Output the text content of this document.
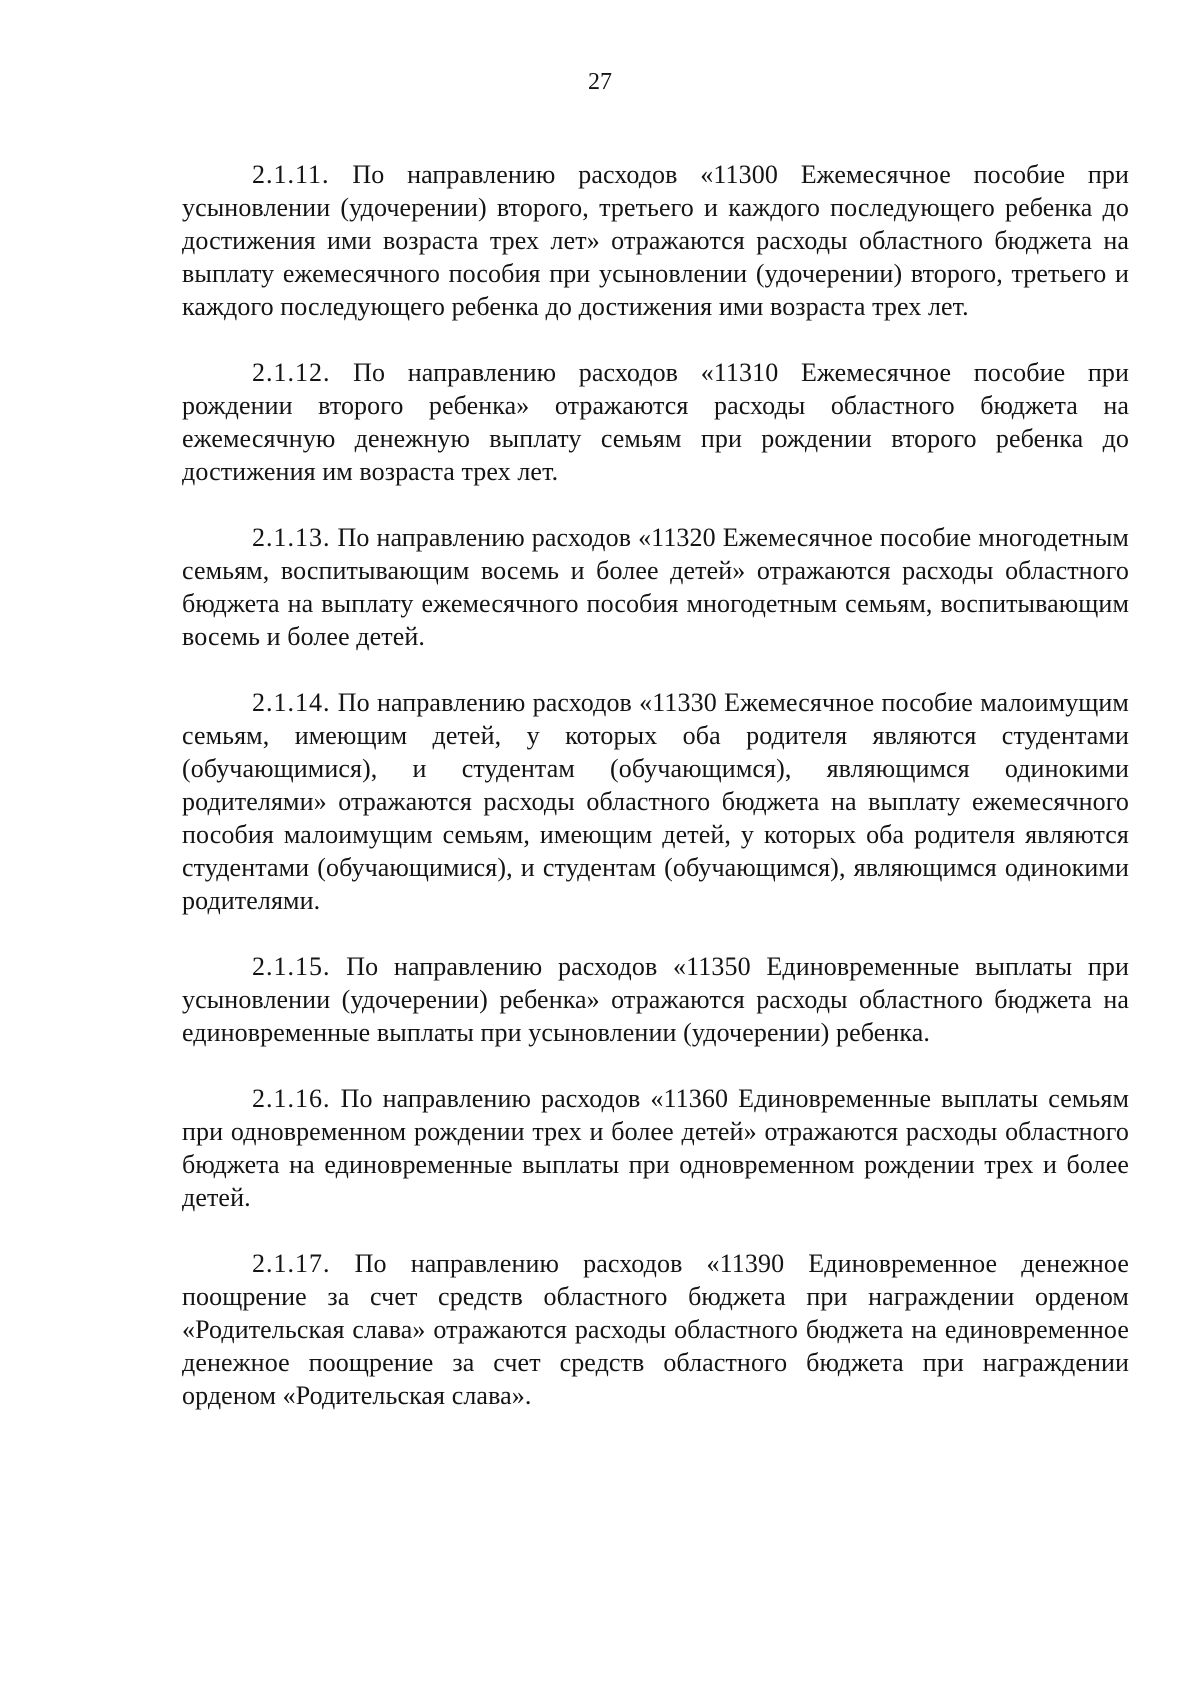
27

2.1.11. По направлению расходов «11300 Ежемесячное пособие при усыновлении (удочерении) второго, третьего и каждого последующего ребенка до достижения ими возраста трех лет» отражаются расходы областного бюджета на выплату ежемесячного пособия при усыновлении (удочерении) второго, третьего и каждого последующего ребенка до достижения ими возраста трех лет.

2.1.12. По направлению расходов «11310 Ежемесячное пособие при рождении второго ребенка» отражаются расходы областного бюджета на ежемесячную денежную выплату семьям при рождении второго ребенка до достижения им возраста трех лет.

2.1.13. По направлению расходов «11320 Ежемесячное пособие многодетным семьям, воспитывающим восемь и более детей» отражаются расходы областного бюджета на выплату ежемесячного пособия многодетным семьям, воспитывающим восемь и более детей.

2.1.14. По направлению расходов «11330 Ежемесячное пособие малоимущим семьям, имеющим детей, у которых оба родителя являются студентами (обучающимися), и студентам (обучающимся), являющимся одинокими родителями» отражаются расходы областного бюджета на выплату ежемесячного пособия малоимущим семьям, имеющим детей, у которых оба родителя являются студентами (обучающимися), и студентам (обучающимся), являющимся одинокими родителями.

2.1.15. По направлению расходов «11350 Единовременные выплаты при усыновлении (удочерении) ребенка» отражаются расходы областного бюджета на единовременные выплаты при усыновлении (удочерении) ребенка.

2.1.16. По направлению расходов «11360 Единовременные выплаты семьям при одновременном рождении трех и более детей» отражаются расходы областного бюджета на единовременные выплаты при одновременном рождении трех и более детей.

2.1.17. По направлению расходов «11390 Единовременное денежное поощрение за счет средств областного бюджета при награждении орденом «Родительская слава» отражаются расходы областного бюджета на единовременное денежное поощрение за счет средств областного бюджета при награждении орденом «Родительская слава».
